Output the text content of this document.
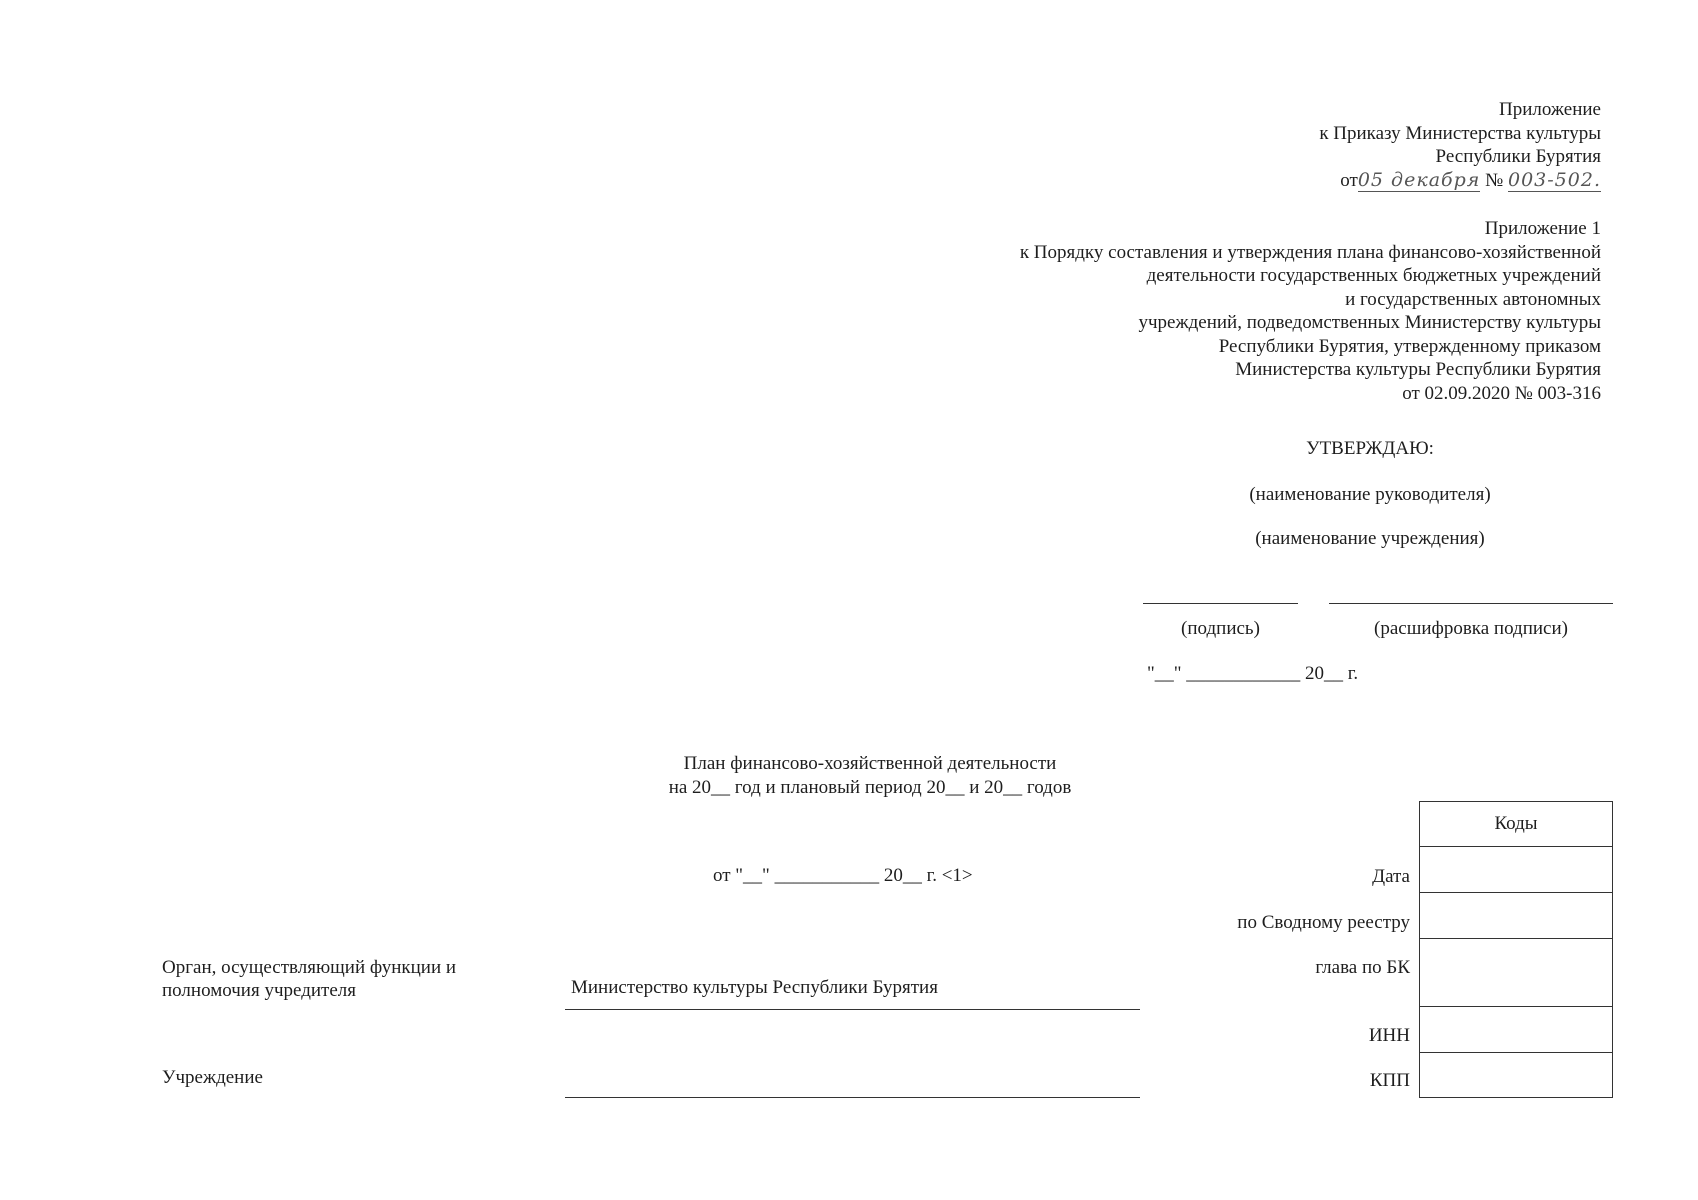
Приложение
к Приказу Министерства культуры
Республики Бурятия
от05 декабря № 003-502.
Приложение 1
к Порядку составления и утверждения плана финансово-хозяйственной
деятельности государственных бюджетных учреждений
и государственных автономных
учреждений, подведомственных Министерству культуры
Республики Бурятия, утвержденному приказом
Министерства культуры Республики Бурятия
от 02.09.2020 № 003-316
УТВЕРЖДАЮ:
(наименование руководителя)
(наименование учреждения)
(подпись)	(расшифровка подписи)
"__" ____________ 20__ г.
План финансово-хозяйственной деятельности
на 20__ год и плановый период 20__ и 20__ годов
от "__" ___________ 20__ г. <1>
Коды

Дата
по Сводному реестру
глава по БК
ИНН
КПП
Орган, осуществляющий функции и
полномочия учредителя	Министерство культуры Республики Бурятия
Учреждение
